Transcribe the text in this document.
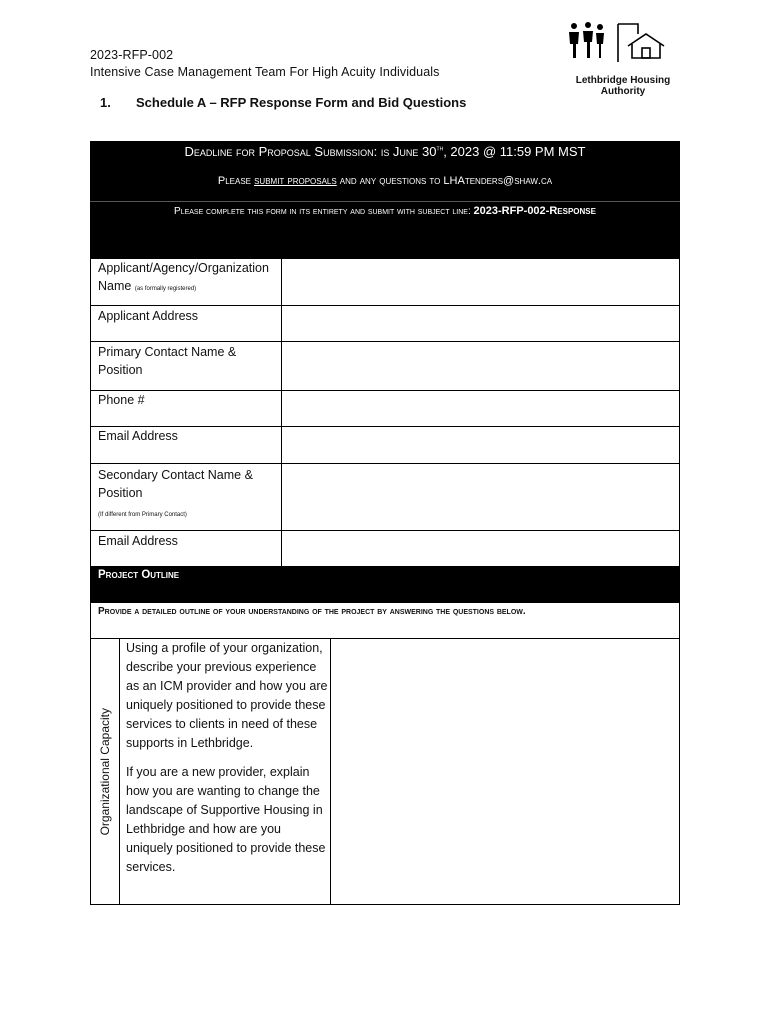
2023-RFP-002
Intensive Case Management Team For High Acuity Individuals
1. Schedule A – RFP Response Form and Bid Questions
Lethbridge Housing
Authority
Deadline for Proposal Submission: is June 30th, 2023 @ 11:59 PM MST
Please submit proposals and any questions to LHAtenders@shaw.ca
Please complete this form in its entirety and submit with subject line: 2023-RFP-002-Response
Applicant/Agency/Organization Name (as formally registered)
Applicant Address
Primary Contact Name & Position
Phone #
Email Address
Secondary Contact Name & Position
(If different from Primary Contact)
Email Address
Project Outline
Provide a detailed outline of your understanding of the project by answering the questions below.
Organizational Capacity
Using a profile of your organization, describe your previous experience as an ICM provider and how you are uniquely positioned to provide these services to clients in need of these supports in Lethbridge.
If you are a new provider, explain how you are wanting to change the landscape of Supportive Housing in Lethbridge and how are you uniquely positioned to provide these services.
